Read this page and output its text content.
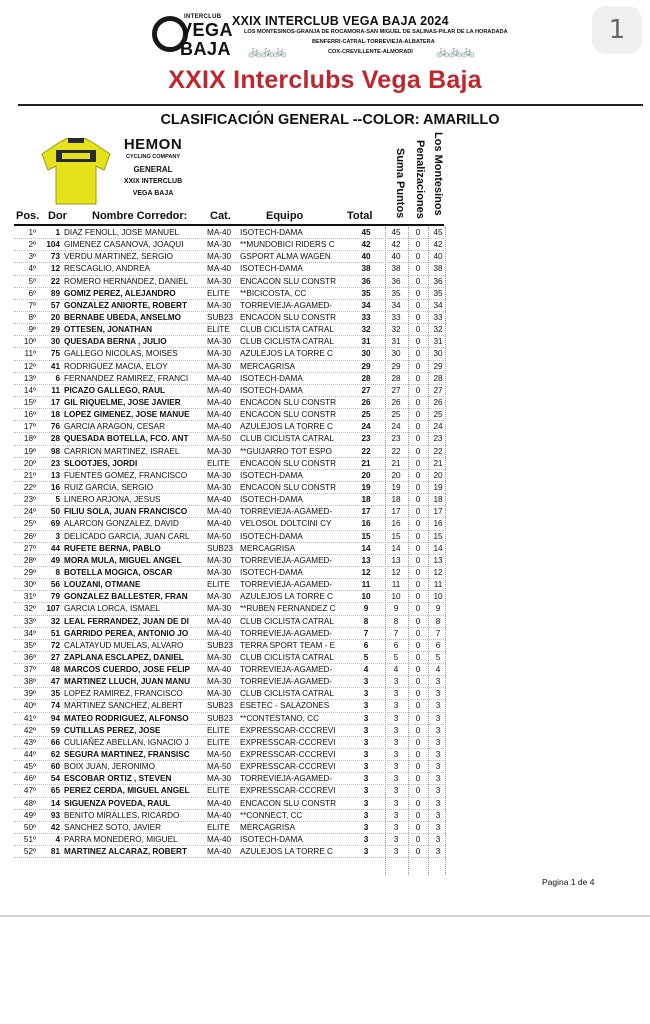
1
INTERCLUB
VEGA
BAJA
XXIX INTERCLUB VEGA BAJA 2024
LOS MONTESINOS-GRANJA DE ROCAMORA-SAN MIGUEL DE SALINAS-PILAR DE LA HORADADA
BENFERRI-CATRAL-TORREVIEJA-ALBATERA
COX-CREVILLENTE-ALMORADI
🚲🚲🚲	🚲🚲🚲
XXIX Interclubs Vega Baja
CLASIFICACIÓN GENERAL --COLOR: AMARILLO
HEMON
CYCLING COMPANY
GENERAL
XXIX INTERCLUB
VEGA BAJA	Los Montesinos
Penalizaciones
Suma Puntos
Pos. Dor Nombre Corredor: Cat.	Equipo	Total
1º	1 DIAZ FENOLL, JOSE MANUEL	MA-40	ISOTECH-DAMA	45	45	0	45
2º	104 GIMENEZ CASANOVA, JOAQUI	MA-30	**MUNDOBICI RIDERS C	42	42	0	42
3º	73 VERDU MARTINEZ, SERGIO	MA-30	GSPORT ALMA WAGEN	40	40	0	40
4º	12 RESCAGLIO, ANDREA	MA-40	ISOTECH-DAMA	38	38	0	38
5º	22 ROMERO HERNANDEZ, DANIEL	MA-30	ENCACON SLU CONSTR	36	36	0	36
6º	89 GOMIZ PEREZ, ALEJANDRO	ELITE	**BICICOSTA, CC	35	35	0	35
7º	57 GONZALEZ ANIORTE, ROBERT	MA-30	TORREVIEJA-AGAMED-	34	34	0	34
8º	20 BERNABE UBEDA, ANSELMO	SUB23 ENCACON SLU CONSTR	33	33	0	33
9º	29 OTTESEN, JONATHAN	ELITE	CLUB CICLISTA CATRAL	32	32	0	32
10º	30 QUESADA BERNA , JULIO	MA-30	CLUB CICLISTA CATRAL	31	31	0	31
11º	75 GALLEGO NICOLAS, MOISES	MA-30	AZULEJOS LA TORRE C	30	30	0	30
12º	41 RODRIGUEZ MACIA, ELOY	MA-30	MERCAGRISA	29	29	0	29
13º	6 FERNANDEZ RAMIREZ, FRANCI	MA-40	ISOTECH-DAMA	28	28	0	28
14º	11 PICAZO GALLEGO, RAUL	MA-40	ISOTECH-DAMA	27	27	0	27
15º	17 GIL RIQUELME, JOSE JAVIER	MA-40	ENCACON SLU CONSTR	26	26	0	26
16º	18 LOPEZ GIMENEZ, JOSE MANUE	MA-40	ENCACON SLU CONSTR	25	25	0	25
17º	76 GARCIA ARAGON, CESAR	MA-40	AZULEJOS LA TORRE C	24	24	0	24
18º	28 QUESADA BOTELLA, FCO. ANT	MA-50	CLUB CICLISTA CATRAL	23	23	0	23
19º	98 CARRION MARTINEZ, ISRAEL	MA-30	**GUIJARRO TOT ESPO	22	22	0	22
20º	23 SLOOTJES, JORDI	ELITE	ENCACON SLU CONSTR	21	21	0	21
21º	13 FUENTES GOMEZ, FRANCISCO	MA-30	ISOTECH-DAMA	20	20	0	20
22º	16 RUIZ GARCIA, SERGIO	MA-30	ENCACON SLU CONSTR	19	19	0	19
23º	5 LINERO ARJONA, JESUS	MA-40	ISOTECH-DAMA	18	18	0	18
24º	50 FILIU SOLA, JUAN FRANCISCO	MA-40	TORREVIEJA-AGAMED-	17	17	0	17
25º	69 ALARCON GONZALEZ, DAVID	MA-40	VELOSOL DOLTCINI CY	16	16	0	16
26º	3 DELICADO GARCIA, JUAN CARL	MA-50	ISOTECH-DAMA	15	15	0	15
27º	44 RUFETE BERNA, PABLO	SUB23 MERCAGRISA	14	14	0	14
28º	49 MORA MULA, MIGUEL ANGEL	MA-30	TORREVIEJA-AGAMED-	13	13	0	13
29º	8 BOTELLA MOGICA, OSCAR	MA-30	ISOTECH-DAMA	12	12	0	12
30º	56 LOUZANI, OTMANE	ELITE	TORREVIEJA-AGAMED-	11	11	0	11
31º	79 GONZALEZ BALLESTER, FRAN	MA-30	AZULEJOS LA TORRE C	10	10	0	10
32º	107 GARCIA LORCA, ISMAEL	MA-30	**RUBEN FERNANDEZ C	9	9	0	9
33º	32 LEAL FERRANDEZ, JUAN DE DI	MA-40	CLUB CICLISTA CATRAL	8	8	0	8
34º	51 GARRIDO PEREA, ANTONIO JO	MA-40	TORREVIEJA-AGAMED-	7	7	0	7
35º	72 CALATAYUD MUELAS, ALVARO	SUB23 TERRA SPORT TEAM - E	6	6	0	6
36º	27 ZAPLANA ESCLAPEZ, DANIEL	MA-30	CLUB CICLISTA CATRAL	5	5	0	5
37º	48 MARCOS CUERDO, JOSE FELIP	MA-40	TORREVIEJA-AGAMED-	4	4	0	4
38º	47 MARTINEZ LLUCH, JUAN MANU	MA-30	TORREVIEJA-AGAMED-	3	3	0	3
39º	35 LOPEZ RAMIREZ, FRANCISCO	MA-30	CLUB CICLISTA CATRAL	3	3	0	3
40º	74 MARTINEZ SANCHEZ, ALBERT	SUB23 ESETEC - SALAZONES	3	3	0	3
41º	94 MATEO RODRIGUEZ, ALFONSO	SUB23 **CONTESTANO, CC	3	3	0	3
42º	59 CUTILLAS PEREZ, JOSE	ELITE	EXPRESSCAR-CCCREVI	3	3	0	3
43º	66 CULIAÑEZ ABELLAN, IGNACIO J	ELITE	EXPRESSCAR-CCCREVI	3	3	0	3
44º	62 SEGURA MARTINEZ, FRANSISC	MA-50	EXPRESSCAR-CCCREVI	3	3	0	3
45º	60 BOIX JUAN, JERONIMO	MA-50	EXPRESSCAR-CCCREVI	3	3	0	3
46º	54 ESCOBAR ORTIZ , STEVEN	MA-30	TORREVIEJA-AGAMED-	3	3	0	3
47º	65 PEREZ CERDA, MIGUEL ANGEL	ELITE	EXPRESSCAR-CCCREVI	3	3	0	3
48º	14 SIGUENZA POVEDA, RAUL	MA-40	ENCACON SLU CONSTR	3	3	0	3
49º	93 BENITO MIRALLES, RICARDO	MA-40	**CONNECT, CC	3	3	0	3
50º	42 SANCHEZ SOTO, JAVIER	ELITE	MERCAGRISA	3	3	0	3
51º	4 PARRA MONEDERO, MIGUEL	MA-40	ISOTECH-DAMA	3	3	0	3
52º	81 MARTINEZ ALCARAZ, ROBERT	MA-40	AZULEJOS LA TORRE C	3	3	0	3
Pagina 1 de 4
